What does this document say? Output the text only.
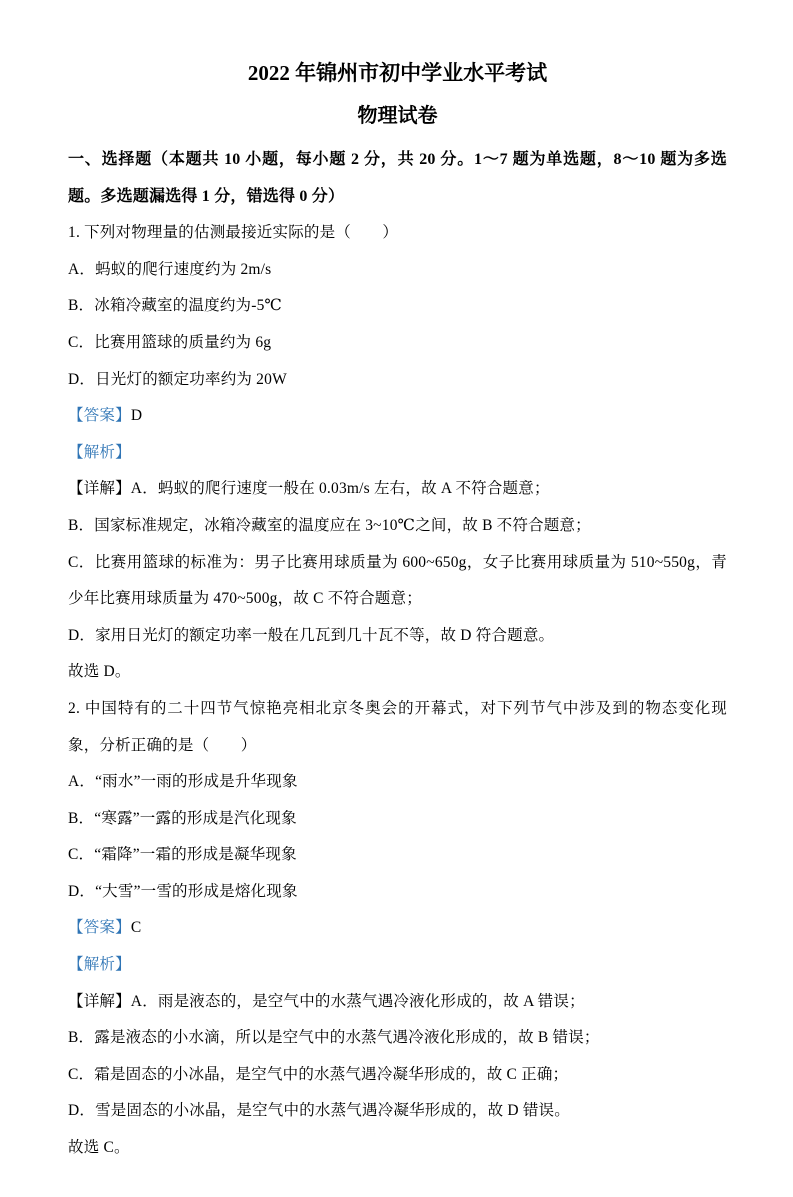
2022 年锦州市初中学业水平考试
物理试卷

一、选择题（本题共 10 小题，每小题 2 分，共 20 分。1～7 题为单选题，8～10 题为多选题。多选题漏选得 1 分，错选得 0 分）

1. 下列对物理量的估测最接近实际的是（　　）

A．蚂蚁的爬行速度约为 2m/s

B．冰箱冷藏室的温度约为-5℃

C．比赛用篮球的质量约为 6g

D．日光灯的额定功率约为 20W

【答案】D

【解析】

【详解】A．蚂蚁的爬行速度一般在 0.03m/s 左右，故 A 不符合题意；

B．国家标准规定，冰箱冷藏室的温度应在 3~10℃之间，故 B 不符合题意；

C．比赛用篮球的标准为：男子比赛用球质量为 600~650g，女子比赛用球质量为 510~550g，青少年比赛用球质量为 470~500g，故 C 不符合题意；

D．家用日光灯的额定功率一般在几瓦到几十瓦不等，故 D 符合题意。

故选 D。

2. 中国特有的二十四节气惊艳亮相北京冬奥会的开幕式，对下列节气中涉及到的物态变化现象，分析正确的是（　　）

A．“雨水”一雨的形成是升华现象

B．“寒露”一露的形成是汽化现象

C．“霜降”一霜的形成是凝华现象

D．“大雪”一雪的形成是熔化现象

【答案】C

【解析】

【详解】A．雨是液态的，是空气中的水蒸气遇冷液化形成的，故 A 错误；

B．露是液态的小水滴，所以是空气中的水蒸气遇冷液化形成的，故 B 错误；

C．霜是固态的小冰晶，是空气中的水蒸气遇冷凝华形成的，故 C 正确；

D．雪是固态的小冰晶，是空气中的水蒸气遇冷凝华形成的，故 D 错误。

故选 C。
